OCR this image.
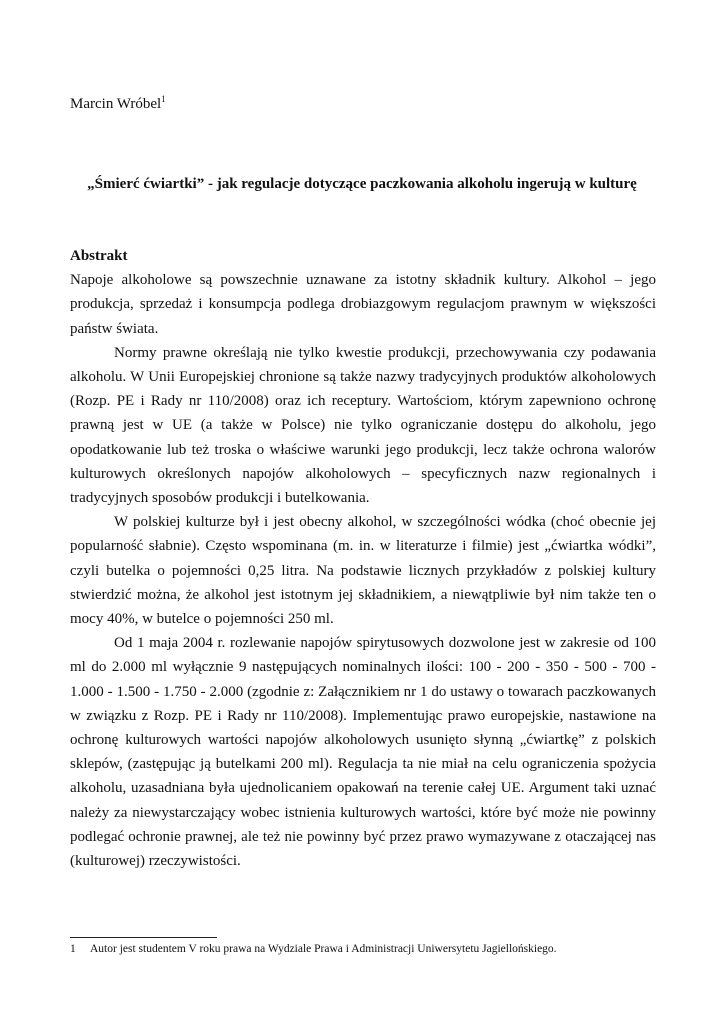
Marcin Wróbel$^1$
„Śmierć ćwiartki” - jak regulacje dotyczące paczkowania alkoholu ingerują w kulturę
Abstrakt

Napoje alkoholowe są powszechnie uznawane za istotny składnik kultury. Alkohol – jego produkcja, sprzedaż i konsumpcja podlega drobiazgowym regulacjom prawnym w większości państw świata.

Normy prawne określają nie tylko kwestie produkcji, przechowywania czy podawania alkoholu. W Unii Europejskiej chronione są także nazwy tradycyjnych produktów alkoholowych (Rozp. PE i Rady nr 110/2008) oraz ich receptury. Wartościom, którym zapewniono ochronę prawną jest w UE (a także w Polsce) nie tylko ograniczanie dostępu do alkoholu, jego opodatkowanie lub też troska o właściwe warunki jego produkcji, lecz także ochrona walorów kulturowych określonych napojów alkoholowych – specyficznych nazw regionalnych i tradycyjnych sposobów produkcji i butelkowania.

W polskiej kulturze był i jest obecny alkohol, w szczególności wódka (choć obecnie jej popularność słabnie). Często wspominana (m. in. w literaturze i filmie) jest „ćwiartka wódki”, czyli butelka o pojemności 0,25 litra. Na podstawie licznych przykładów z polskiej kultury stwierdzić można, że alkohol jest istotnym jej składnikiem, a niewątpliwie był nim także ten o mocy 40%, w butelce o pojemności 250 ml.

Od 1 maja 2004 r. rozlewanie napojów spirytusowych dozwolone jest w zakresie od 100 ml do 2.000 ml wyłącznie 9 następujących nominalnych ilości: 100 - 200 - 350 - 500 - 700 - 1.000 - 1.500 - 1.750 - 2.000 (zgodnie z: Załącznikiem nr 1 do ustawy o towarach paczkowanych w związku z Rozp. PE i Rady nr 110/2008). Implementując prawo europejskie, nastawione na ochronę kulturowych wartości napojów alkoholowych usunięto słynną „ćwiartkę” z polskich sklepów, (zastępując ją butelkami 200 ml). Regulacja ta nie miał na celu ograniczenia spożycia alkoholu, uzasadniana była ujednolicaniem opakowań na terenie całej UE. Argument taki uznać należy za niewystarczający wobec istnienia kulturowych wartości, które być może nie powinny podlegać ochronie prawnej, ale też nie powinny być przez prawo wymazywane z otaczającej nas (kulturowej) rzeczywistości.

1 Autor jest studentem V roku prawa na Wydziale Prawa i Administracji Uniwersytetu Jagiellońskiego.
